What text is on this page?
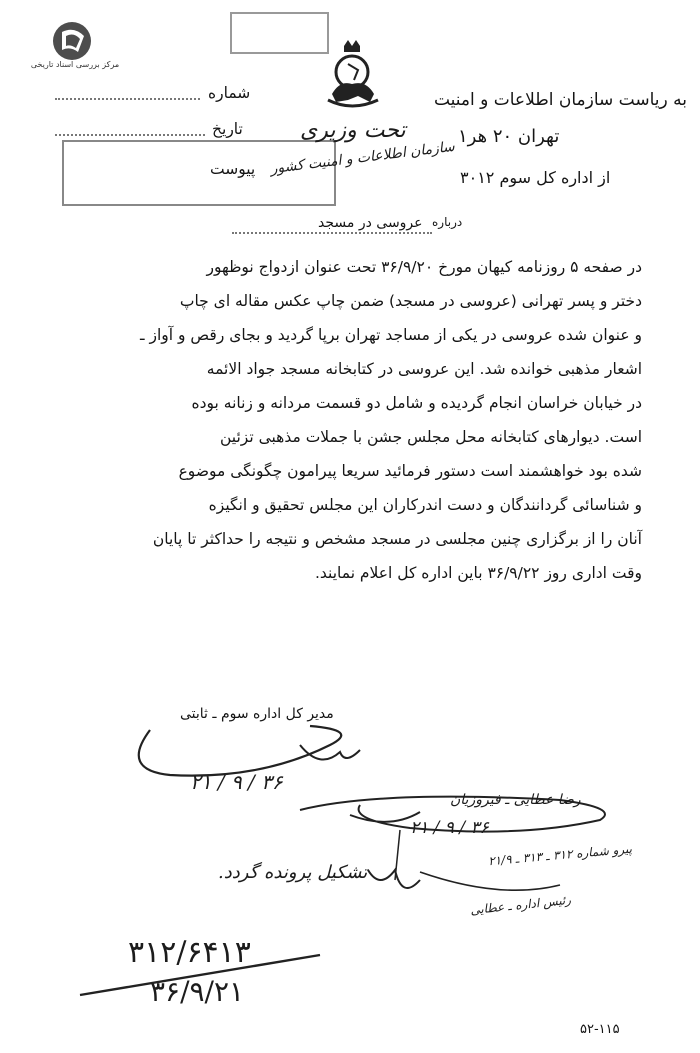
مرکز بررسی اسناد تاریخی
شماره	به ریاست سازمان اطلاعات و امنیت
تاریخ
پیوست
تحت وزیری
سازمان اطلاعات و امنیت کشور
تهران ۲۰ هر۱
از اداره کل سوم ۳۰۱۲
درباره
عروسی در مسجد
در صفحه ۵ روزنامه کیهان مورخ ۳۶/۹/۲۰ تحت عنوان ازدواج نوظهور
دختر و پسر تهرانی (عروسی در مسجد) ضمن چاپ عکس مقاله ای چاپ
و عنوان شده عروسی در یکی از مساجد تهران برپا گردید و بجای رقص و آواز ـ
اشعار مذهبی خوانده شد. این عروسی در کتابخانه مسجد جواد الائمه
در خیابان خراسان انجام گردیده و شامل دو قسمت مردانه و زنانه بوده
است. دیوارهای کتابخانه محل مجلس جشن با جملات مذهبی تزئین
شده بود خواهشمند است دستور فرمائید سریعا پیرامون چگونگی موضوع
و شناسائی گردانندگان و دست اندرکاران این مجلس تحقیق و انگیزه
آنان را از برگزاری چنین مجلسی در مسجد مشخص و نتیجه را حداکثر تا پایان
وقت اداری روز ۳۶/۹/۲۲ باین اداره کل اعلام نمایند.
مدیر کل اداره سوم ـ ثابتی
۲۱ / ۹ / ۳۶
رضا عطایی ـ فیروزیان
۲۱ / ۹ / ۳۶
تشکیل پرونده گردد.
پیرو شماره ۳۱۲ ـ ۳۱۳ ـ ۲۱/۹
رئیس اداره ـ عطایی
۳۱۲/۶۴۱۳
۳۶/۹/۲۱
۵۲-۱۱۵
